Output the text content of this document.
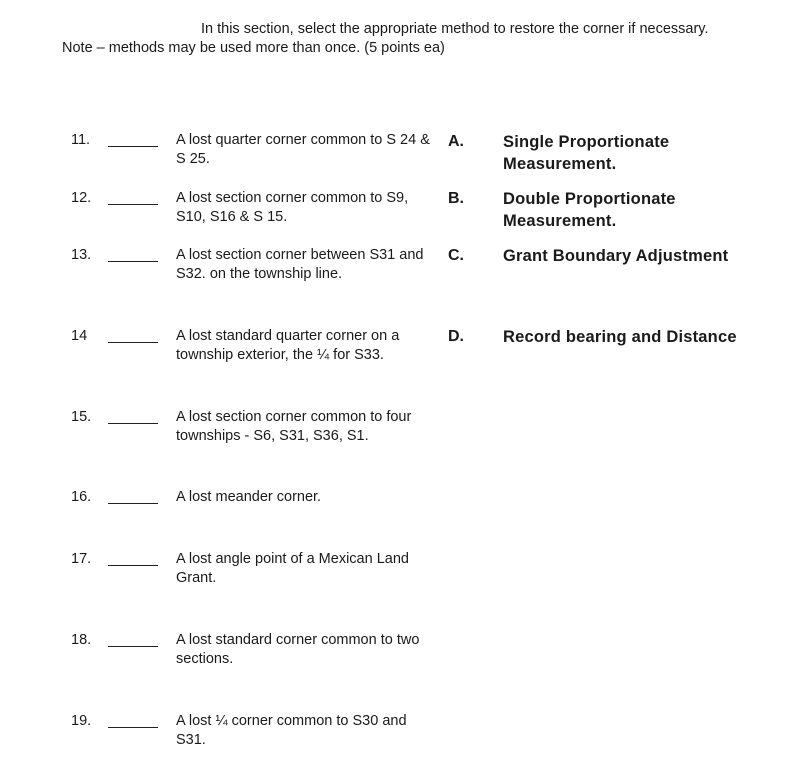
In this section, select the appropriate method to restore the corner if necessary.
Note – methods may be used more than once. (5 points ea)
11.	A lost quarter corner common to S 24 & S 25.
12.	A lost section corner common to S9, S10, S16 & S 15.
13.	A lost section corner between S31 and S32. on the township line.
14	A lost standard quarter corner on a township exterior, the ¼ for S33.
15.	A lost section corner common to four townships - S6, S31, S36, S1.
16.	A lost meander corner.
17.	A lost angle point of a Mexican Land Grant.
18.	A lost standard corner common to two sections.
19.	A lost ¼ corner common to S30 and S31.
A. Single Proportionate Measurement.
B. Double Proportionate Measurement.
C. Grant Boundary Adjustment
D. Record bearing and Distance
